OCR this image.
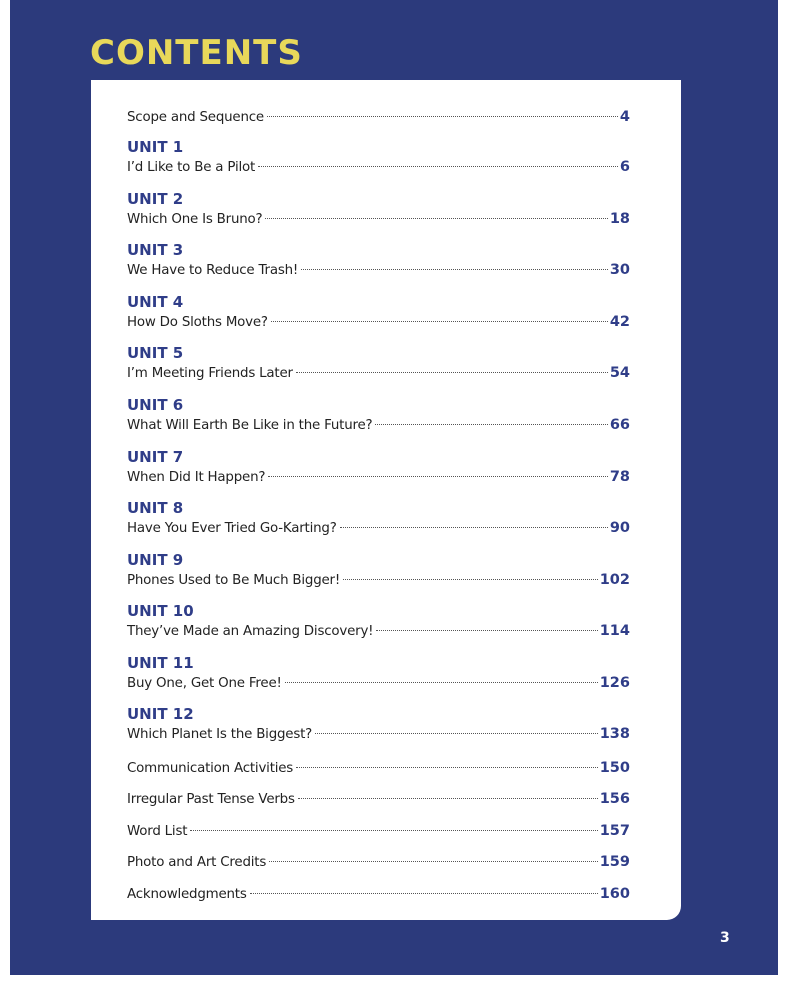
CONTENTS
Scope and Sequence	4
UNIT 1
I’d Like to Be a Pilot	6
UNIT 2
Which One Is Bruno?	18
UNIT 3
We Have to Reduce Trash!	30
UNIT 4
How Do Sloths Move?	42
UNIT 5
I’m Meeting Friends Later	54
UNIT 6
What Will Earth Be Like in the Future?	66
UNIT 7
When Did It Happen?	78
UNIT 8
Have You Ever Tried Go-Karting?	90
UNIT 9
Phones Used to Be Much Bigger!	102
UNIT 10
They’ve Made an Amazing Discovery!	114
UNIT 11
Buy One, Get One Free!	126
UNIT 12
Which Planet Is the Biggest?	138
Communication Activities	150
Irregular Past Tense Verbs	156
Word List	157
Photo and Art Credits	159
Acknowledgments	160
3
